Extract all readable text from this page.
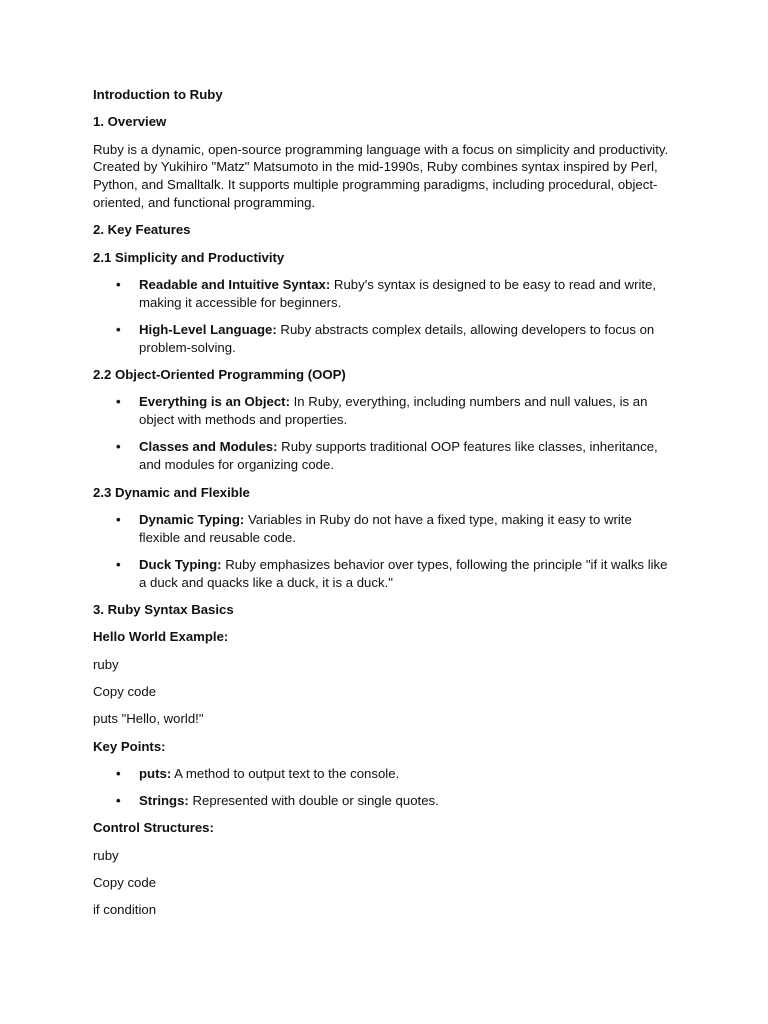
Introduction to Ruby

1. Overview

Ruby is a dynamic, open-source programming language with a focus on simplicity and productivity. Created by Yukihiro "Matz" Matsumoto in the mid-1990s, Ruby combines syntax inspired by Perl, Python, and Smalltalk. It supports multiple programming paradigms, including procedural, object-oriented, and functional programming.

2. Key Features

2.1 Simplicity and Productivity

• Readable and Intuitive Syntax: Ruby's syntax is designed to be easy to read and write, making it accessible for beginners.
• High-Level Language: Ruby abstracts complex details, allowing developers to focus on problem-solving.

2.2 Object-Oriented Programming (OOP)

• Everything is an Object: In Ruby, everything, including numbers and null values, is an object with methods and properties.
• Classes and Modules: Ruby supports traditional OOP features like classes, inheritance, and modules for organizing code.

2.3 Dynamic and Flexible

• Dynamic Typing: Variables in Ruby do not have a fixed type, making it easy to write flexible and reusable code.
• Duck Typing: Ruby emphasizes behavior over types, following the principle "if it walks like a duck and quacks like a duck, it is a duck."

3. Ruby Syntax Basics

Hello World Example:

ruby

Copy code

puts "Hello, world!"

Key Points:

• puts: A method to output text to the console.
• Strings: Represented with double or single quotes.

Control Structures:

ruby

Copy code

if condition
